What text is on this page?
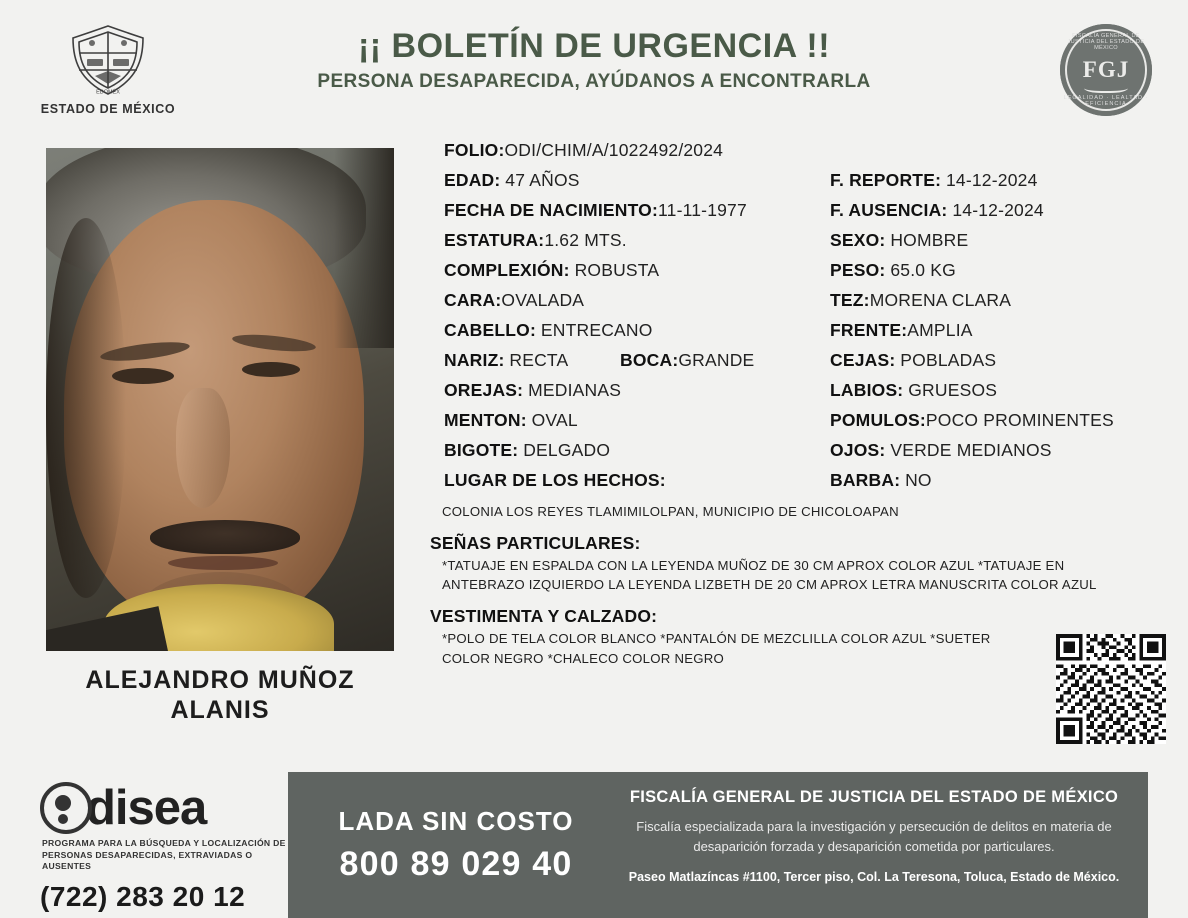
EDOMÉX
ESTADO DE MÉXICO
¡¡ BOLETÍN DE URGENCIA !!
PERSONA DESAPARECIDA, AYÚDANOS A ENCONTRARLA
FISCALÍA GENERAL DE JUSTICIA DEL ESTADO DE MÉXICO
FGJ
LEGALIDAD · LEALTAD · EFICIENCIA
ALEJANDRO MUÑOZ ALANIS
FOLIO:ODI/CHIM/A/1022492/2024
EDAD: 47 AÑOS	F. REPORTE: 14-12-2024
FECHA DE NACIMIENTO:11-11-1977	F. AUSENCIA: 14-12-2024
ESTATURA:1.62 MTS.	SEXO: HOMBRE
COMPLEXIÓN: ROBUSTA	PESO: 65.0 KG
CARA:OVALADA	TEZ:MORENA CLARA
CABELLO: ENTRECANO	FRENTE:AMPLIA
NARIZ: RECTA	BOCA:GRANDE	CEJAS: POBLADAS
OREJAS: MEDIANAS	LABIOS: GRUESOS
MENTON: OVAL	POMULOS:POCO PROMINENTES
BIGOTE: DELGADO	OJOS: VERDE MEDIANOS
LUGAR DE LOS HECHOS:	BARBA: NO
COLONIA LOS REYES TLAMIMILOLPAN, MUNICIPIO DE CHICOLOAPAN
SEÑAS PARTICULARES:
*TATUAJE EN ESPALDA CON LA LEYENDA MUÑOZ DE 30 CM APROX COLOR AZUL *TATUAJE EN ANTEBRAZO IZQUIERDO LA LEYENDA LIZBETH DE 20 CM APROX LETRA MANUSCRITA COLOR AZUL
VESTIMENTA Y CALZADO:
*POLO DE TELA COLOR BLANCO *PANTALÓN DE MEZCLILLA COLOR AZUL *SUETER COLOR NEGRO *CHALECO COLOR NEGRO
disea
PROGRAMA PARA LA BÚSQUEDA Y LOCALIZACIÓN DE PERSONAS DESAPARECIDAS, EXTRAVIADAS O AUSENTES
(722) 283 20 12
LADA SIN COSTO
800 89 029 40
FISCALÍA GENERAL DE JUSTICIA DEL ESTADO DE MÉXICO
Fiscalía especializada para la investigación y persecución de delitos en materia de desaparición forzada y desaparición cometida por particulares.
Paseo Matlazíncas #1100, Tercer piso, Col. La Teresona, Toluca, Estado de México.
